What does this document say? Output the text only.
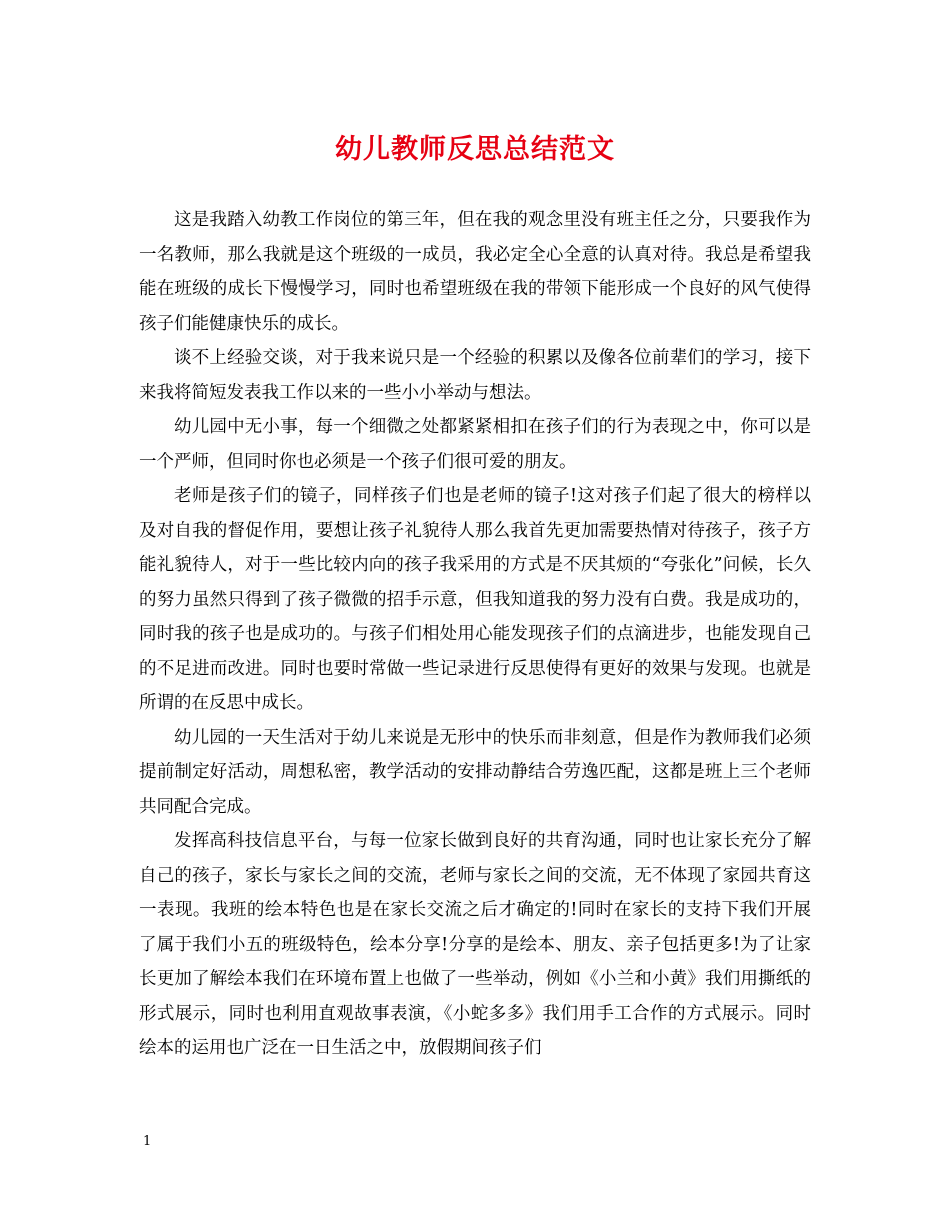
幼儿教师反思总结范文

这是我踏入幼教工作岗位的第三年，但在我的观念里没有班主任之分，只要我作为一名教师，那么我就是这个班级的一成员，我必定全心全意的认真对待。我总是希望我能在班级的成长下慢慢学习，同时也希望班级在我的带领下能形成一个良好的风气使得孩子们能健康快乐的成长。

谈不上经验交谈，对于我来说只是一个经验的积累以及像各位前辈们的学习，接下来我将简短发表我工作以来的一些小小举动与想法。

幼儿园中无小事，每一个细微之处都紧紧相扣在孩子们的行为表现之中，你可以是一个严师，但同时你也必须是一个孩子们很可爱的朋友。

老师是孩子们的镜子，同样孩子们也是老师的镜子!这对孩子们起了很大的榜样以及对自我的督促作用，要想让孩子礼貌待人那么我首先更加需要热情对待孩子，孩子方能礼貌待人，对于一些比较内向的孩子我采用的方式是不厌其烦的“夸张化”问候，长久的努力虽然只得到了孩子微微的招手示意，但我知道我的努力没有白费。我是成功的，同时我的孩子也是成功的。与孩子们相处用心能发现孩子们的点滴进步，也能发现自己的不足进而改进。同时也要时常做一些记录进行反思使得有更好的效果与发现。也就是所谓的在反思中成长。

幼儿园的一天生活对于幼儿来说是无形中的快乐而非刻意，但是作为教师我们必须提前制定好活动，周想私密，教学活动的安排动静结合劳逸匹配，这都是班上三个老师共同配合完成。

发挥高科技信息平台，与每一位家长做到良好的共育沟通，同时也让家长充分了解自己的孩子，家长与家长之间的交流，老师与家长之间的交流，无不体现了家园共育这一表现。我班的绘本特色也是在家长交流之后才确定的!同时在家长的支持下我们开展了属于我们小五的班级特色，绘本分享!分享的是绘本、朋友、亲子包括更多!为了让家长更加了解绘本我们在环境布置上也做了一些举动，例如《小兰和小黄》我们用撕纸的形式展示，同时也利用直观故事表演，《小蛇多多》我们用手工合作的方式展示。同时绘本的运用也广泛在一日生活之中，放假期间孩子们

1
